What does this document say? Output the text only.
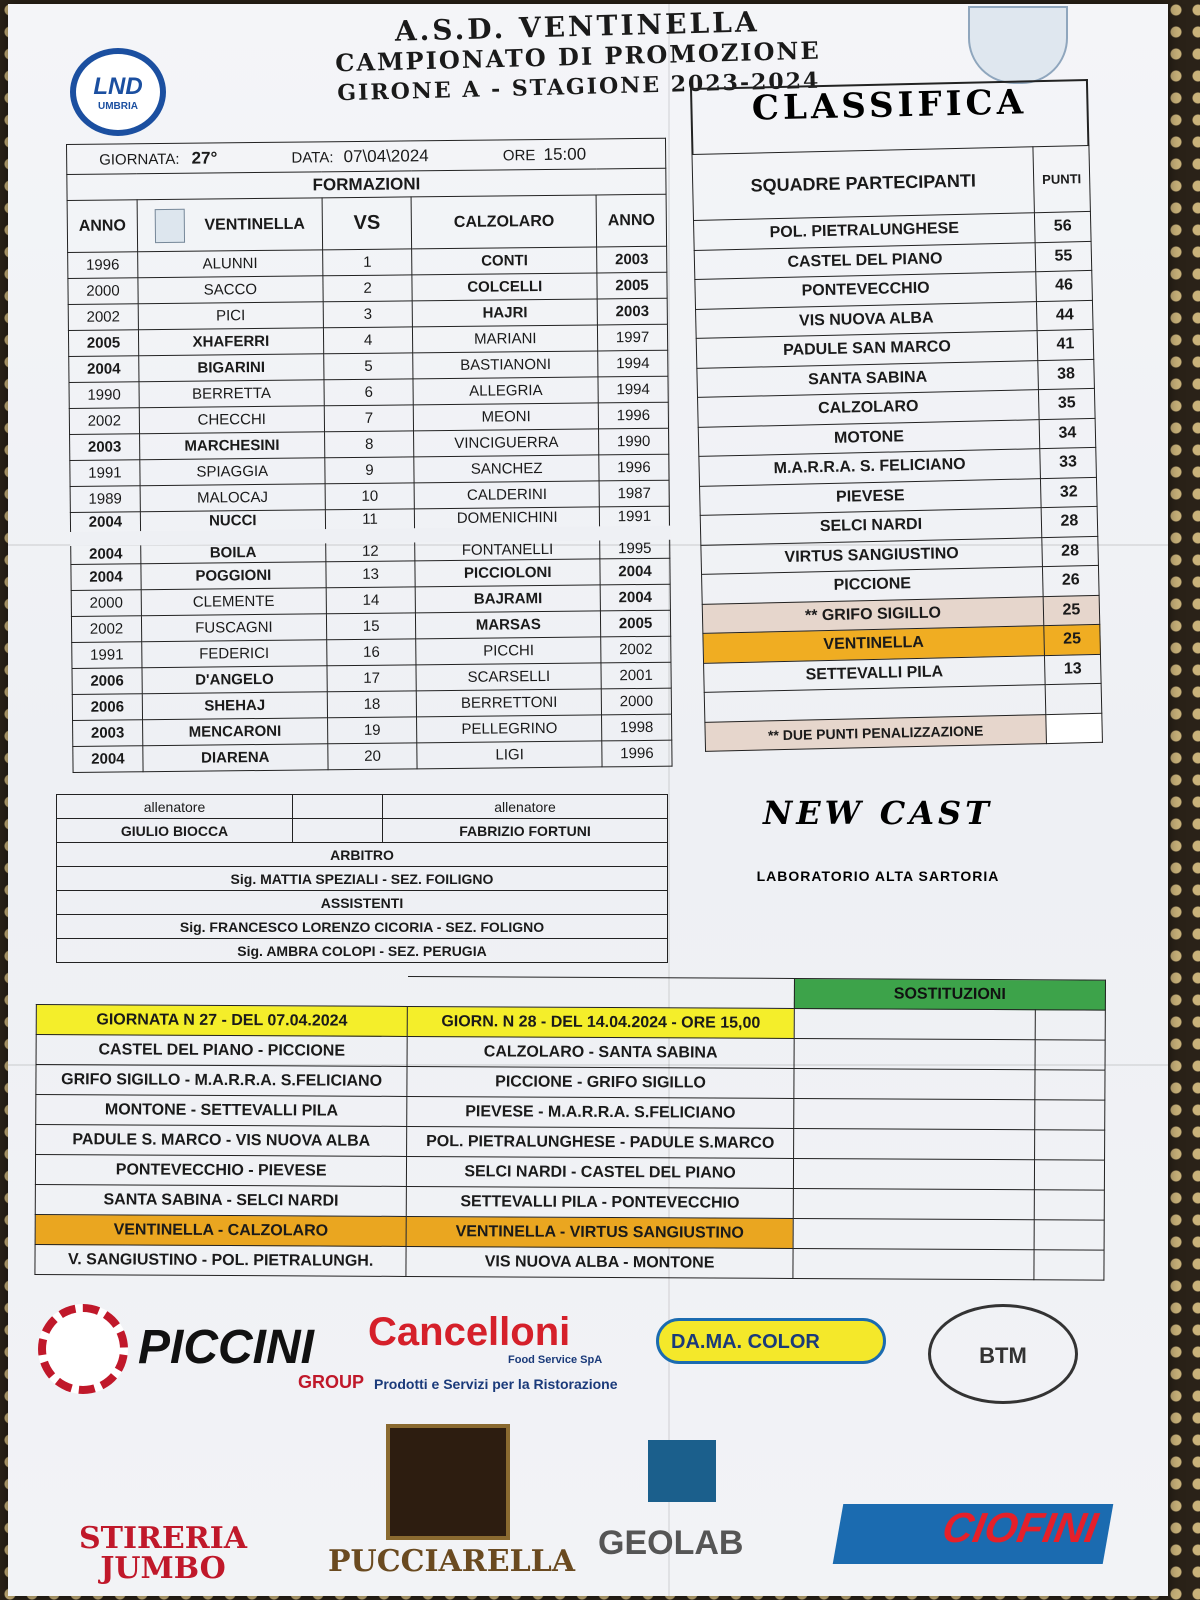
LND
UMBRIA
A.S.D. VENTINELLA
CAMPIONATO DI PROMOZIONE
GIRONE A - STAGIONE 2023-2024
GIORNATA: 27° DATA: 07\04\2024 ORE 15:00				
FORMAZIONI				
ANNO	VENTINELLA	VS	CALZOLARO	ANNO
1996	ALUNNI	1	CONTI	2003
2000	SACCO	2	COLCELLI	2005
2002	PICI	3	HAJRI	2003
2005	XHAFERRI	4	MARIANI	1997
2004	BIGARINI	5	BASTIANONI	1994
1990	BERRETTA	6	ALLEGRIA	1994
2002	CHECCHI	7	MEONI	1996
2003	MARCHESINI	8	VINCIGUERRA	1990
1991	SPIAGGIA	9	SANCHEZ	1996
1989	MALOCAJ	10	CALDERINI	1987
2004	NUCCI	11	DOMENICHINI	1991
2004	BOILA	12	FONTANELLI	1995
2004	POGGIONI	13	PICCIOLONI	2004
2000	CLEMENTE	14	BAJRAMI	2004
2002	FUSCAGNI	15	MARSAS	2005
1991	FEDERICI	16	PICCHI	2002
2006	D'ANGELO	17	SCARSELLI	2001
2006	SHEHAJ	18	BERRETTONI	2000
2003	MENCARONI	19	PELLEGRINO	1998
2004	DIARENA	20	LIGI	1996
CLASSIFICA
SQUADRE PARTECIPANTI	PUNTI
POL. PIETRALUNGHESE	56
CASTEL DEL PIANO	55
PONTEVECCHIO	46
VIS NUOVA ALBA	44
PADULE SAN MARCO	41
SANTA SABINA	38
CALZOLARO	35
MOTONE	34
M.A.R.R.A. S. FELICIANO	33
PIEVESE	32
SELCI NARDI	28
VIRTUS SANGIUSTINO	28
PICCIONE	26
** GRIFO SIGILLO	25
VENTINELLA	25
SETTEVALLI PILA	13

** DUE PUNTI PENALIZZAZIONE	
allenatore		allenatore
GIULIO BIOCCA		FABRIZIO FORTUNI
ARBITRO		
Sig. MATTIA SPEZIALI - SEZ. FOILIGNO		
ASSISTENTI		
Sig. FRANCESCO LORENZO CICORIA - SEZ. FOLIGNO		
Sig. AMBRA COLOPI - SEZ. PERUGIA		
NEW CAST
LABORATORIO ALTA SARTORIA
		SOSTITUZIONI	
GIORNATA N 27 - DEL 07.04.2024	GIORN. N 28 - DEL 14.04.2024 - ORE 15,00		
CASTEL DEL PIANO - PICCIONE	CALZOLARO - SANTA SABINA		
GRIFO SIGILLO - M.A.R.R.A. S.FELICIANO	PICCIONE - GRIFO SIGILLO		
MONTONE - SETTEVALLI PILA	PIEVESE - M.A.R.R.A. S.FELICIANO		
PADULE S. MARCO - VIS NUOVA ALBA	POL. PIETRALUNGHESE - PADULE S.MARCO		
PONTEVECCHIO - PIEVESE	SELCI NARDI - CASTEL DEL PIANO		
SANTA SABINA - SELCI NARDI	SETTEVALLI PILA - PONTEVECCHIO		
VENTINELLA - CALZOLARO	VENTINELLA - VIRTUS SANGIUSTINO		
V. SANGIUSTINO - POL. PIETRALUNGH.	VIS NUOVA ALBA - MONTONE		
PICCINI
GROUP
Cancelloni
Food Service SpA
Prodotti e Servizi per la Ristorazione
DA.MA. COLOR
BTM
STIRERIA JUMBO	PUCCIARELLA GEOLAB	CIOFINI
